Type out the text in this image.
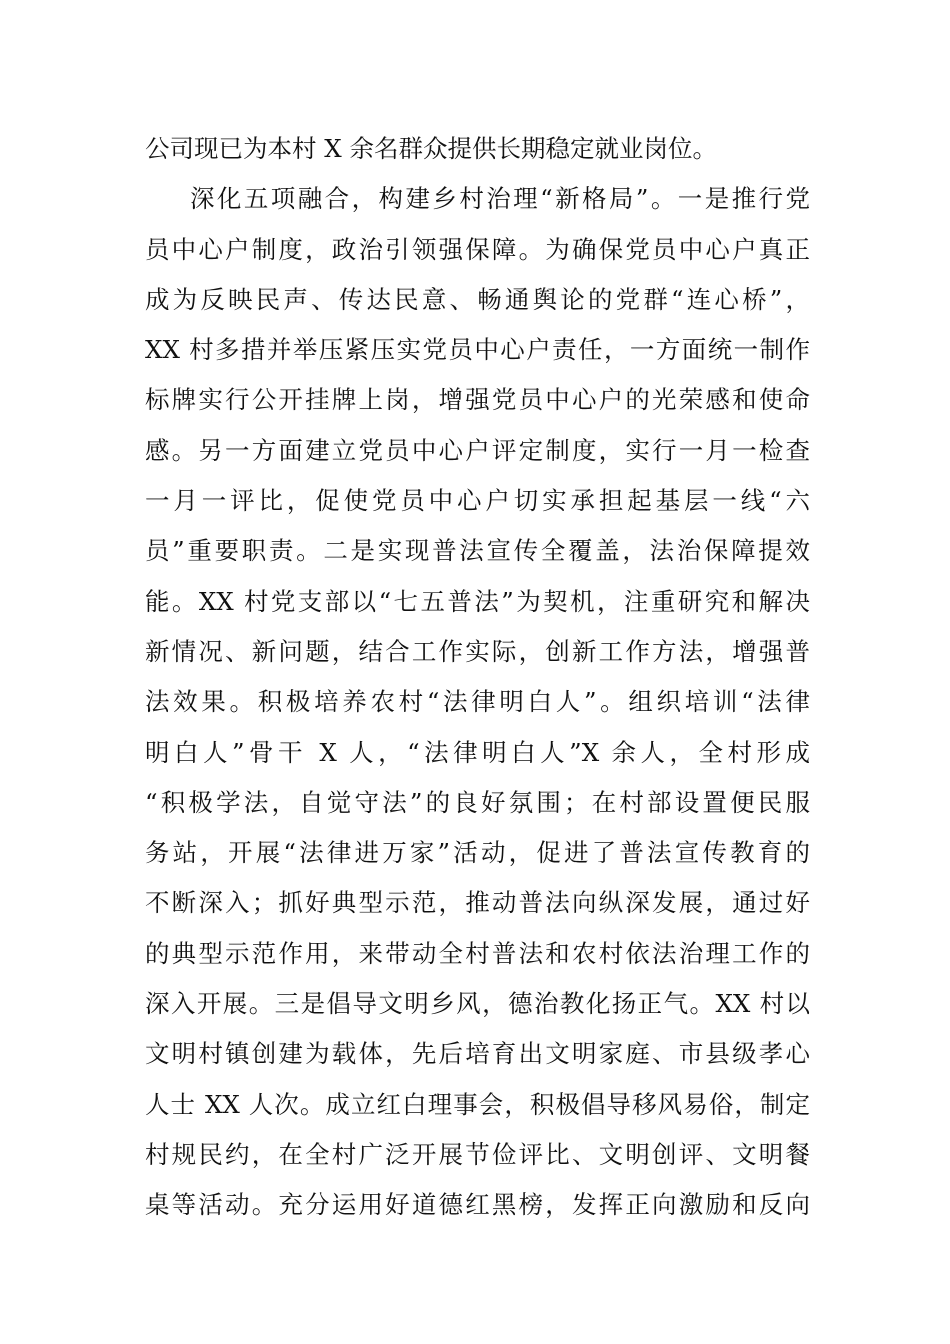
公司现已为本村 X 余名群众提供长期稳定就业岗位。
深化五项融合，构建乡村治理“新格局”。一是推行党
员中心户制度，政治引领强保障。为确保党员中心户真正
成为反映民声、传达民意、畅通舆论的党群“连心桥”，
XX 村多措并举压紧压实党员中心户责任，一方面统一制作
标牌实行公开挂牌上岗，增强党员中心户的光荣感和使命
感。另一方面建立党员中心户评定制度，实行一月一检查
一月一评比，促使党员中心户切实承担起基层一线“六
员”重要职责。二是实现普法宣传全覆盖，法治保障提效
能。XX 村党支部以“七五普法”为契机，注重研究和解决
新情况、新问题，结合工作实际，创新工作方法，增强普
法效果。积极培养农村“法律明白人”。组织培训“法律
明白人”骨干 X 人，“法律明白人”X 余人，全村形成
“积极学法，自觉守法”的良好氛围；在村部设置便民服
务站，开展“法律进万家”活动，促进了普法宣传教育的
不断深入；抓好典型示范，推动普法向纵深发展，通过好
的典型示范作用，来带动全村普法和农村依法治理工作的
深入开展。三是倡导文明乡风，德治教化扬正气。XX 村以
文明村镇创建为载体，先后培育出文明家庭、市县级孝心
人士 XX 人次。成立红白理事会，积极倡导移风易俗，制定
村规民约，在全村广泛开展节俭评比、文明创评、文明餐
桌等活动。充分运用好道德红黑榜，发挥正向激励和反向
